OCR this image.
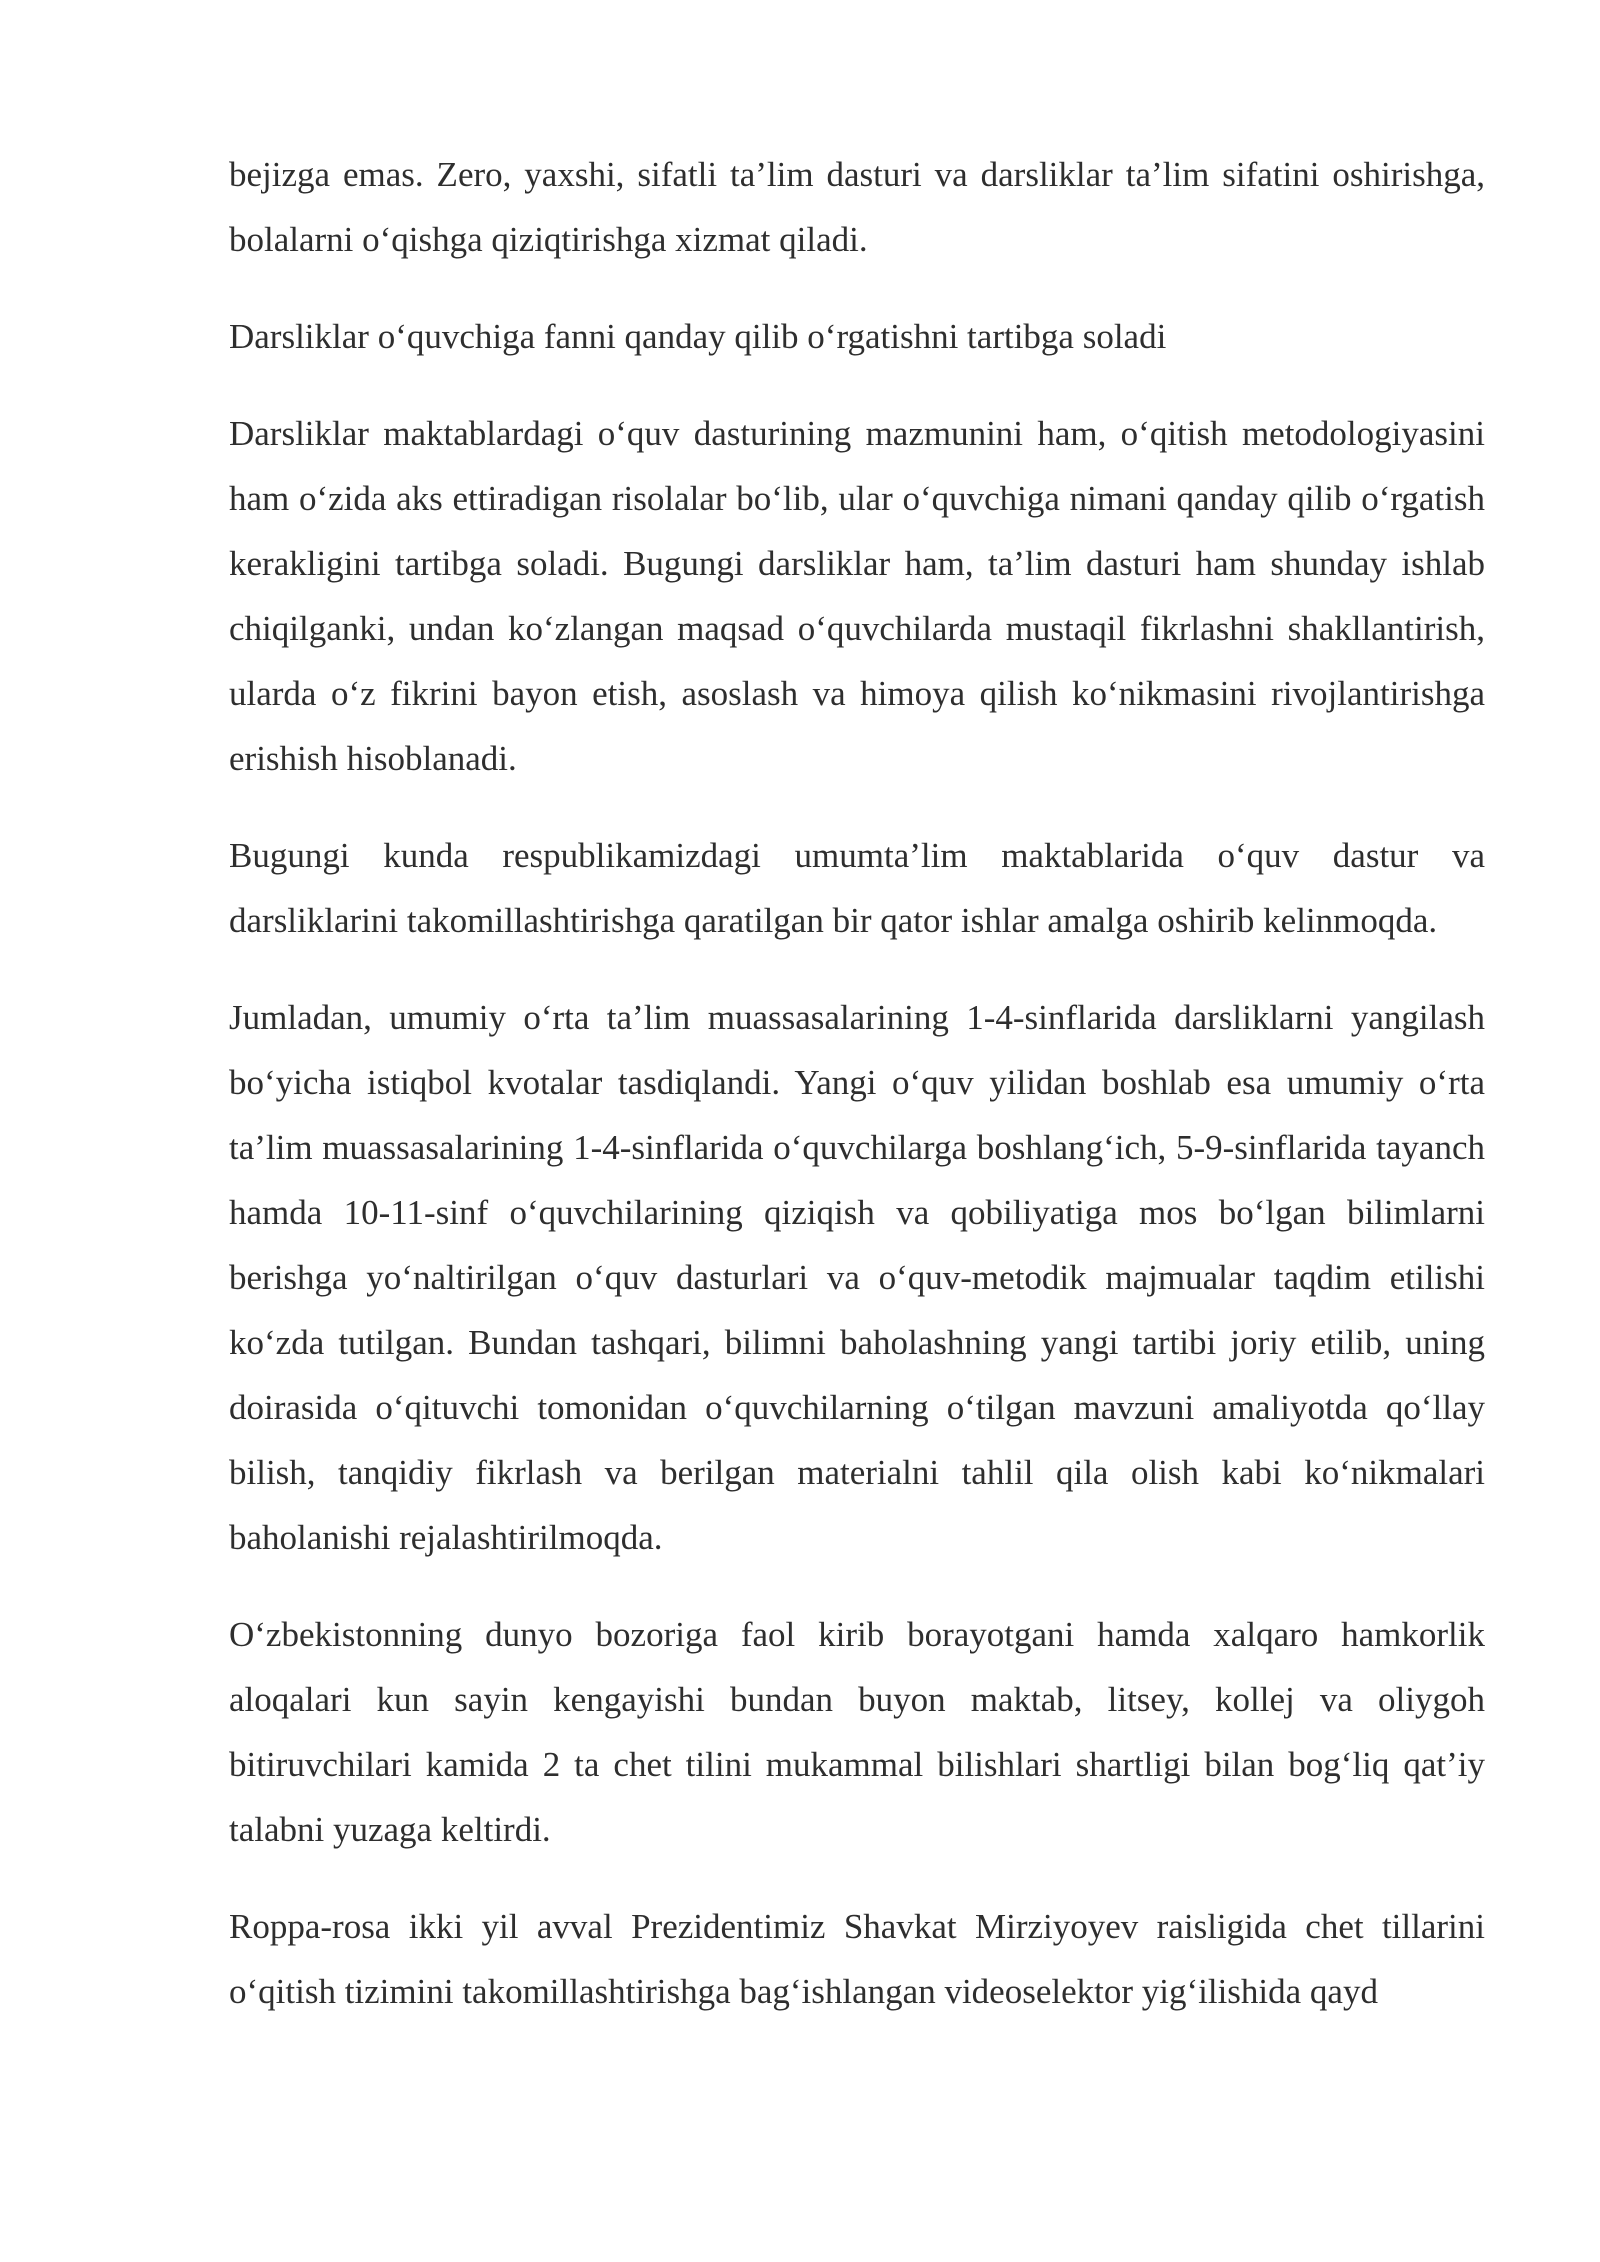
bejizga emas. Zero, yaxshi, sifatli ta’lim dasturi va darsliklar ta’lim sifatini oshirishga, bolalarni o‘qishga qiziqtirishga xizmat qiladi.

Darsliklar o‘quvchiga fanni qanday qilib o‘rgatishni tartibga soladi

Darsliklar maktablardagi o‘quv dasturining mazmunini ham, o‘qitish metodologiyasini ham o‘zida aks ettiradigan risolalar bo‘lib, ular o‘quvchiga nimani qanday qilib o‘rgatish kerakligini tartibga soladi. Bugungi darsliklar ham, ta’lim dasturi ham shunday ishlab chiqilganki, undan ko‘zlangan maqsad o‘quvchilarda mustaqil fikrlashni shakllantirish, ularda o‘z fikrini bayon etish, asoslash va himoya qilish ko‘nikmasini rivojlantirishga erishish hisoblanadi.

Bugungi kunda respublikamizdagi umumta’lim maktablarida o‘quv dastur va darsliklarini takomillashtirishga qaratilgan bir qator ishlar amalga oshirib kelinmoqda.

Jumladan, umumiy o‘rta ta’lim muassasalarining 1-4-sinflarida darsliklarni yangilash bo‘yicha istiqbol kvotalar tasdiqlandi. Yangi o‘quv yilidan boshlab esa umumiy o‘rta ta’lim muassasalarining 1-4-sinflarida o‘quvchilarga boshlang‘ich, 5-9-sinflarida tayanch hamda 10-11-sinf o‘quvchilarining qiziqish va qobiliyatiga mos bo‘lgan bilimlarni berishga yo‘naltirilgan o‘quv dasturlari va o‘quv-metodik majmualar taqdim etilishi ko‘zda tutilgan. Bundan tashqari, bilimni baholashning yangi tartibi joriy etilib, uning doirasida o‘qituvchi tomonidan o‘quvchilarning o‘tilgan mavzuni amaliyotda qo‘llay bilish, tanqidiy fikrlash va berilgan materialni tahlil qila olish kabi ko‘nikmalari baholanishi rejalashtirilmoqda.

O‘zbekistonning dunyo bozoriga faol kirib borayotgani hamda xalqaro hamkorlik aloqalari kun sayin kengayishi bundan buyon maktab, litsey, kollej va oliygoh bitiruvchilari kamida 2 ta chet tilini mukammal bilishlari shartligi bilan bog‘liq qat’iy talabni yuzaga keltirdi.

Roppa-rosa ikki yil avval Prezidentimiz Shavkat Mirziyoyev raisligida chet tillarini o‘qitish tizimini takomillashtirishga bag‘ishlangan videoselektor yig‘ilishida qayd
